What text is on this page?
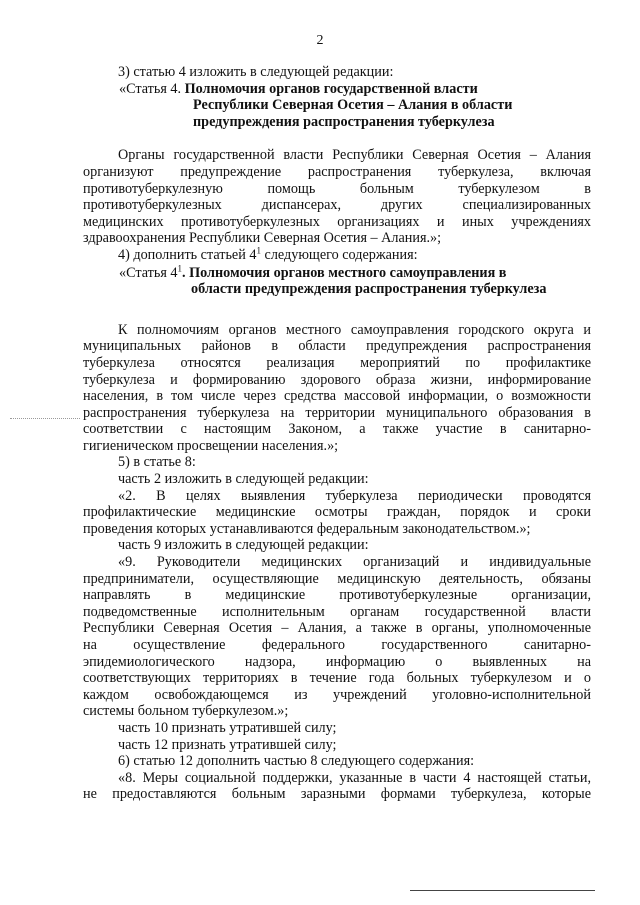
2

3) статью 4 изложить в следующей редакции:

«Статья 4. Полномочия органов государственной власти

Республики Северная Осетия – Алания в области

предупреждения распространения туберкулеза

Органы государственной власти Республики Северная Осетия – Алания

организуют предупреждение распространения туберкулеза, включая

противотуберкулезную помощь больным туберкулезом в

противотуберкулезных диспансерах, других специализированных

медицинских противотуберкулезных организациях и иных учреждениях

здравоохранения Республики Северная Осетия – Алания.»;

4) дополнить статьей $4^1$ следующего содержания:

«Статья $4^1$. Полномочия органов местного самоуправления в

области предупреждения распространения туберкулеза

К полномочиям органов местного самоуправления городского округа и

муниципальных районов в области предупреждения распространения

туберкулеза относятся реализация мероприятий по профилактике

туберкулеза и формированию здорового образа жизни, информирование

населения, в том числе через средства массовой информации, о возможности

распространения туберкулеза на территории муниципального образования в

соответствии с настоящим Законом, а также участие в санитарно-

гигиеническом просвещении населения.»;

5) в статье 8:

часть 2 изложить в следующей редакции:

«2. В целях выявления туберкулеза периодически проводятся

профилактические медицинские осмотры граждан, порядок и сроки

проведения которых устанавливаются федеральным законодательством.»;

часть 9 изложить в следующей редакции:

«9. Руководители медицинских организаций и индивидуальные

предприниматели, осуществляющие медицинскую деятельность, обязаны

направлять в медицинские противотуберкулезные организации,

подведомственные исполнительным органам государственной власти

Республики Северная Осетия – Алания, а также в органы, уполномоченные

на осуществление федерального государственного санитарно-

эпидемиологического надзора, информацию о выявленных на

соответствующих территориях в течение года больных туберкулезом и о

каждом освобождающемся из учреждений уголовно-исполнительной

системы больном туберкулезом.»;

часть 10 признать утратившей силу;

часть 12 признать утратившей силу;

6) статью 12 дополнить частью 8 следующего содержания:

«8. Меры социальной поддержки, указанные в части 4 настоящей статьи,

не предоставляются больным заразными формами туберкулеза, которые
